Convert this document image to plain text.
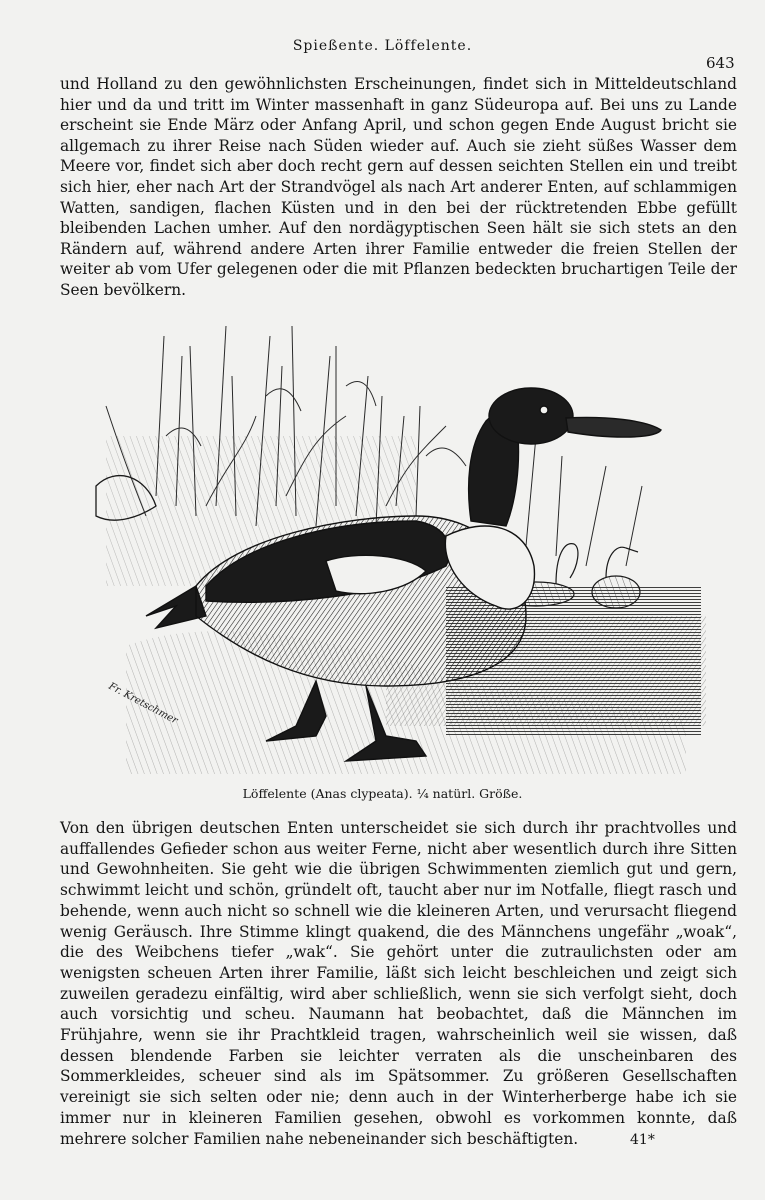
Spießente. Löffelente.
643

und Holland zu den gewöhnlichsten Erscheinungen, findet sich in Mitteldeutschland hier und da und tritt im Winter massenhaft in ganz Südeuropa auf. Bei uns zu Lande erscheint sie Ende März oder Anfang April, und schon gegen Ende August bricht sie allgemach zu ihrer Reise nach Süden wieder auf. Auch sie zieht süßes Wasser dem Meere vor, findet sich aber doch recht gern auf dessen seichten Stellen ein und treibt sich hier, eher nach Art der Strandvögel als nach Art anderer Enten, auf schlammigen Watten, sandigen, flachen Küsten und in den bei der rücktretenden Ebbe gefüllt bleibenden Lachen umher. Auf den nordägyptischen Seen hält sie sich stets an den Rändern auf, während andere Arten ihrer Familie entweder die freien Stellen der weiter ab vom Ufer gelegenen oder die mit Pflanzen bedeckten bruchartigen Teile der Seen bevölkern.

Fr. Kretschmer
Löffelente (Anas clypeata). ¼ natürl. Größe.

Von den übrigen deutschen Enten unterscheidet sie sich durch ihr prachtvolles und auffallendes Gefieder schon aus weiter Ferne, nicht aber wesentlich durch ihre Sitten und Gewohnheiten. Sie geht wie die übrigen Schwimmenten ziemlich gut und gern, schwimmt leicht und schön, gründelt oft, taucht aber nur im Notfalle, fliegt rasch und behende, wenn auch nicht so schnell wie die kleineren Arten, und verursacht fliegend wenig Geräusch. Ihre Stimme klingt quakend, die des Männchens ungefähr „woak“, die des Weibchens tiefer „wak“. Sie gehört unter die zutraulichsten oder am wenigsten scheuen Arten ihrer Familie, läßt sich leicht beschleichen und zeigt sich zuweilen geradezu einfältig, wird aber schließlich, wenn sie sich verfolgt sieht, doch auch vorsichtig und scheu. Naumann hat beobachtet, daß die Männchen im Frühjahre, wenn sie ihr Prachtkleid tragen, wahrscheinlich weil sie wissen, daß dessen blendende Farben sie leichter verraten als die unscheinbaren des Sommerkleides, scheuer sind als im Spätsommer. Zu größeren Gesellschaften vereinigt sie sich selten oder nie; denn auch in der Winterherberge habe ich sie immer nur in kleineren Familien gesehen, obwohl es vorkommen konnte, daß mehrere solcher Familien nahe nebeneinander sich beschäftigten.	41*
